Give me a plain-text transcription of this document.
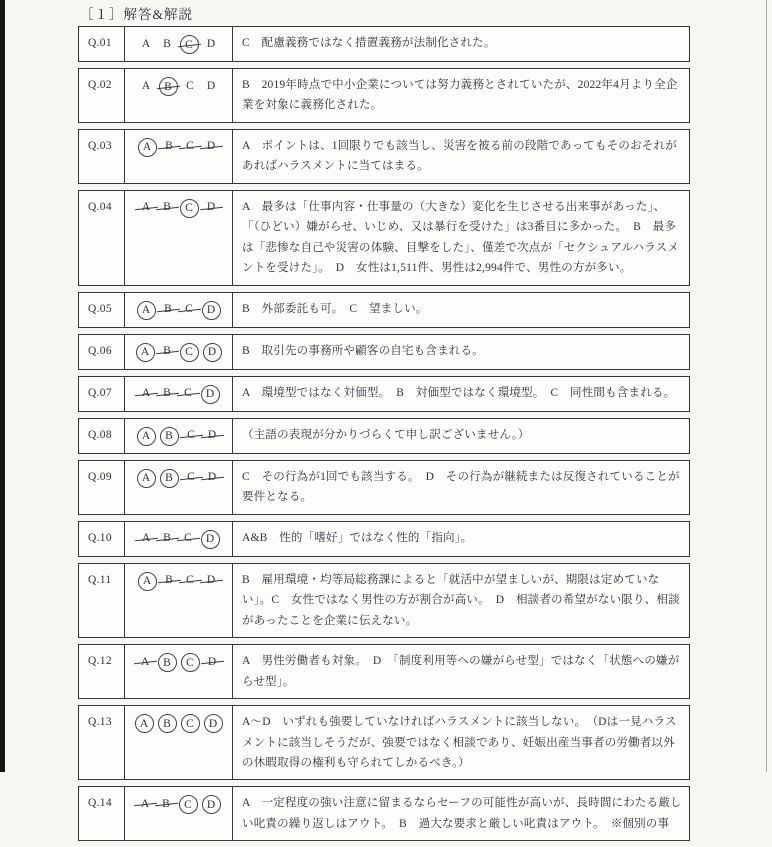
［１］解答&解説
Q.01	A B C D	C　配慮義務ではなく措置義務が法制化された。
Q.02	A B C D	B　2019年時点で中小企業については努力義務とされていたが、2022年4月より全企業を対象に義務化された。
Q.03	A B C D	A　ポイントは、1回限りでも該当し、災害を被る前の段階であってもそのおそれがあればハラスメントに当てはまる。
Q.04	A B C D	A　最多は「仕事内容・仕事量の（大きな）変化を生じさせる出来事があった」、「（ひどい）嫌がらせ、いじめ、又は暴行を受けた」は3番目に多かった。　B　最多は「悲惨な自己や災害の体験、目撃をした」、僅差で次点が「セクシュアルハラスメントを受けた」。　D　女性は1,511件、男性は2,994件で、男性の方が多い。
Q.05	A B C D	B　外部委託も可。　C　望ましい。
Q.06	A B C D	B　取引先の事務所や顧客の自宅も含まれる。
Q.07	A B C D	A　環境型ではなく対価型。　B　対価型ではなく環境型。　C　同性間も含まれる。
Q.08	A B C D	（主語の表現が分かりづらくて申し訳ございません。）
Q.09	A B C D	C　その行為が1回でも該当する。　D　その行為が継続または反復されていることが要件となる。
Q.10	A B C D	A&B　性的「嗜好」ではなく性的「指向」。
Q.11	A B C D	B　雇用環境・均等局総務課によると「就活中が望ましいが、期限は定めていない」。C　女性ではなく男性の方が割合が高い。　D　相談者の希望がない限り、相談があったことを企業に伝えない。
Q.12	A B C D	A　男性労働者も対象。　D　「制度利用等への嫌がらせ型」ではなく「状態への嫌がらせ型」。
Q.13	A B C D	A～D　いずれも強要していなければハラスメントに該当しない。　（Dは一見ハラスメントに該当しそうだが、強要ではなく相談であり、妊娠出産当事者の労働者以外の休暇取得の権利も守られてしかるべき。）
Q.14	A B C D	A　一定程度の強い注意に留まるならセーフの可能性が高いが、長時間にわたる厳しい叱責の繰り返しはアウト。　B　過大な要求と厳しい叱責はアウト。　※個別の事
